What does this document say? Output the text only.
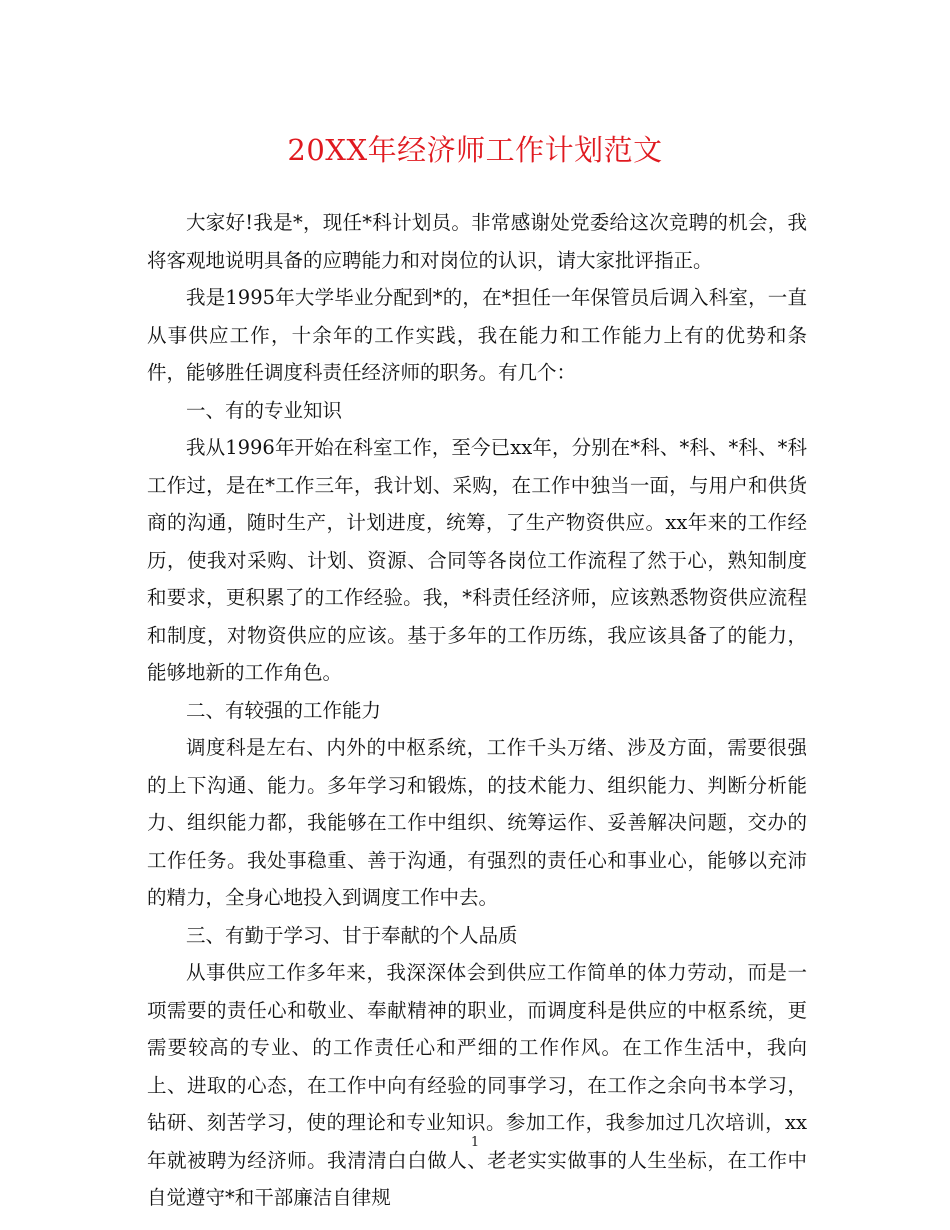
20XX年经济师工作计划范文

大家好!我是*，现任*科计划员。非常感谢处党委给这次竞聘的机会，我将客观地说明具备的应聘能力和对岗位的认识，请大家批评指正。

我是1995年大学毕业分配到*的，在*担任一年保管员后调入科室，一直从事供应工作，十余年的工作实践，我在能力和工作能力上有的优势和条件，能够胜任调度科责任经济师的职务。有几个：

一、有的专业知识

我从1996年开始在科室工作，至今已xx年，分别在*科、*科、*科、*科工作过，是在*工作三年，我计划、采购，在工作中独当一面，与用户和供货商的沟通，随时生产，计划进度，统筹，了生产物资供应。xx年来的工作经历，使我对采购、计划、资源、合同等各岗位工作流程了然于心，熟知制度和要求，更积累了的工作经验。我，*科责任经济师，应该熟悉物资供应流程和制度，对物资供应的应该。基于多年的工作历练，我应该具备了的能力，能够地新的工作角色。

二、有较强的工作能力

调度科是左右、内外的中枢系统，工作千头万绪、涉及方面，需要很强的上下沟通、能力。多年学习和锻炼，的技术能力、组织能力、判断分析能力、组织能力都，我能够在工作中组织、统筹运作、妥善解决问题，交办的工作任务。我处事稳重、善于沟通，有强烈的责任心和事业心，能够以充沛的精力，全身心地投入到调度工作中去。

三、有勤于学习、甘于奉献的个人品质

从事供应工作多年来，我深深体会到供应工作简单的体力劳动，而是一项需要的责任心和敬业、奉献精神的职业，而调度科是供应的中枢系统，更需要较高的专业、的工作责任心和严细的工作作风。在工作生活中，我向上、进取的心态，在工作中向有经验的同事学习，在工作之余向书本学习，钻研、刻苦学习，使的理论和专业知识。参加工作，我参加过几次培训，xx年就被聘为经济师。我清清白白做人、老老实实做事的人生坐标，在工作中自觉遵守*和干部廉洁自律规

1
